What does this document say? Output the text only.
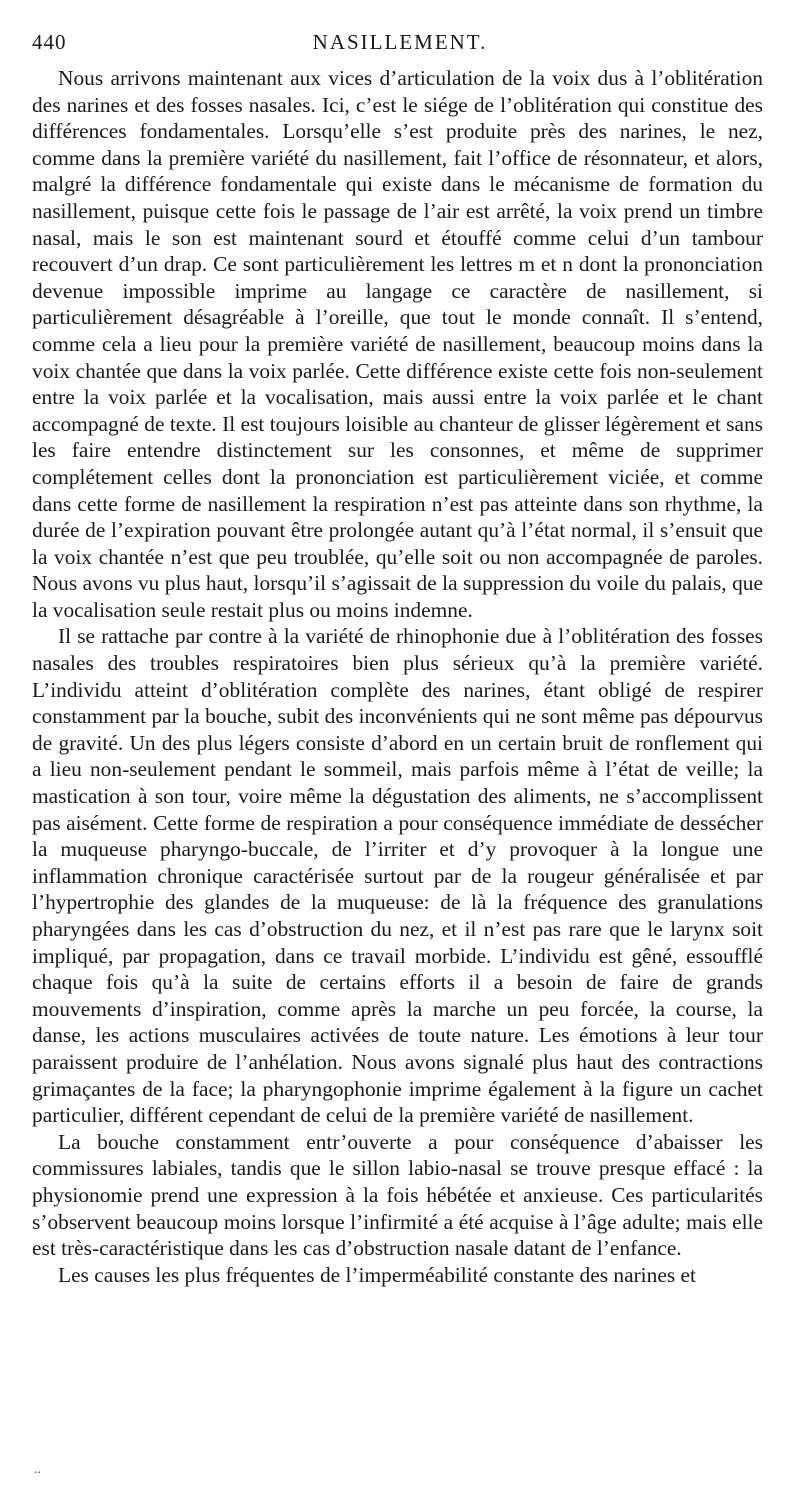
440	NASILLEMENT.

Nous arrivons maintenant aux vices d’articulation de la voix dus à l’oblitération des narines et des fosses nasales. Ici, c’est le siége de l’oblitération qui constitue des différences fondamentales. Lorsqu’elle s’est produite près des narines, le nez, comme dans la première variété du nasillement, fait l’office de résonnateur, et alors, malgré la différence fondamentale qui existe dans le mécanisme de formation du nasillement, puisque cette fois le passage de l’air est arrêté, la voix prend un timbre nasal, mais le son est maintenant sourd et étouffé comme celui d’un tambour recouvert d’un drap. Ce sont particulièrement les lettres m et n dont la prononciation devenue impossible imprime au langage ce caractère de nasillement, si particulièrement désagréable à l’oreille, que tout le monde connaît. Il s’entend, comme cela a lieu pour la première variété de nasillement, beaucoup moins dans la voix chantée que dans la voix parlée. Cette différence existe cette fois non-seulement entre la voix parlée et la vocalisation, mais aussi entre la voix parlée et le chant accompagné de texte. Il est toujours loisible au chanteur de glisser légèrement et sans les faire entendre distinctement sur les consonnes, et même de supprimer complétement celles dont la prononciation est particulièrement viciée, et comme dans cette forme de nasillement la respiration n’est pas atteinte dans son rhythme, la durée de l’expiration pouvant être prolongée autant qu’à l’état normal, il s’ensuit que la voix chantée n’est que peu troublée, qu’elle soit ou non accompagnée de paroles. Nous avons vu plus haut, lorsqu’il s’agissait de la suppression du voile du palais, que la vocalisation seule restait plus ou moins indemne.

Il se rattache par contre à la variété de rhinophonie due à l’oblitération des fosses nasales des troubles respiratoires bien plus sérieux qu’à la première variété. L’individu atteint d’oblitération complète des narines, étant obligé de respirer constamment par la bouche, subit des inconvénients qui ne sont même pas dépourvus de gravité. Un des plus légers consiste d’abord en un certain bruit de ronflement qui a lieu non-seulement pendant le sommeil, mais parfois même à l’état de veille; la mastication à son tour, voire même la dégustation des aliments, ne s’accomplissent pas aisément. Cette forme de respiration a pour conséquence immédiate de dessécher la muqueuse pharyngo-buccale, de l’irriter et d’y provoquer à la longue une inflammation chronique caractérisée surtout par de la rougeur généralisée et par l’hypertrophie des glandes de la muqueuse: de là la fréquence des granulations pharyngées dans les cas d’obstruction du nez, et il n’est pas rare que le larynx soit impliqué, par propagation, dans ce travail morbide. L’individu est gêné, essoufflé chaque fois qu’à la suite de certains efforts il a besoin de faire de grands mouvements d’inspiration, comme après la marche un peu forcée, la course, la danse, les actions musculaires activées de toute nature. Les émotions à leur tour paraissent produire de l’anhélation. Nous avons signalé plus haut des contractions grimaçantes de la face; la pharyngophonie imprime également à la figure un cachet particulier, différent cependant de celui de la première variété de nasillement.

La bouche constamment entr’ouverte a pour conséquence d’abaisser les commissures labiales, tandis que le sillon labio-nasal se trouve presque effacé : la physionomie prend une expression à la fois hébétée et anxieuse. Ces particularités s’observent beaucoup moins lorsque l’infirmité a été acquise à l’âge adulte; mais elle est très-caractéristique dans les cas d’obstruction nasale datant de l’enfance.

Les causes les plus fréquentes de l’imperméabilité constante des narines et

..
